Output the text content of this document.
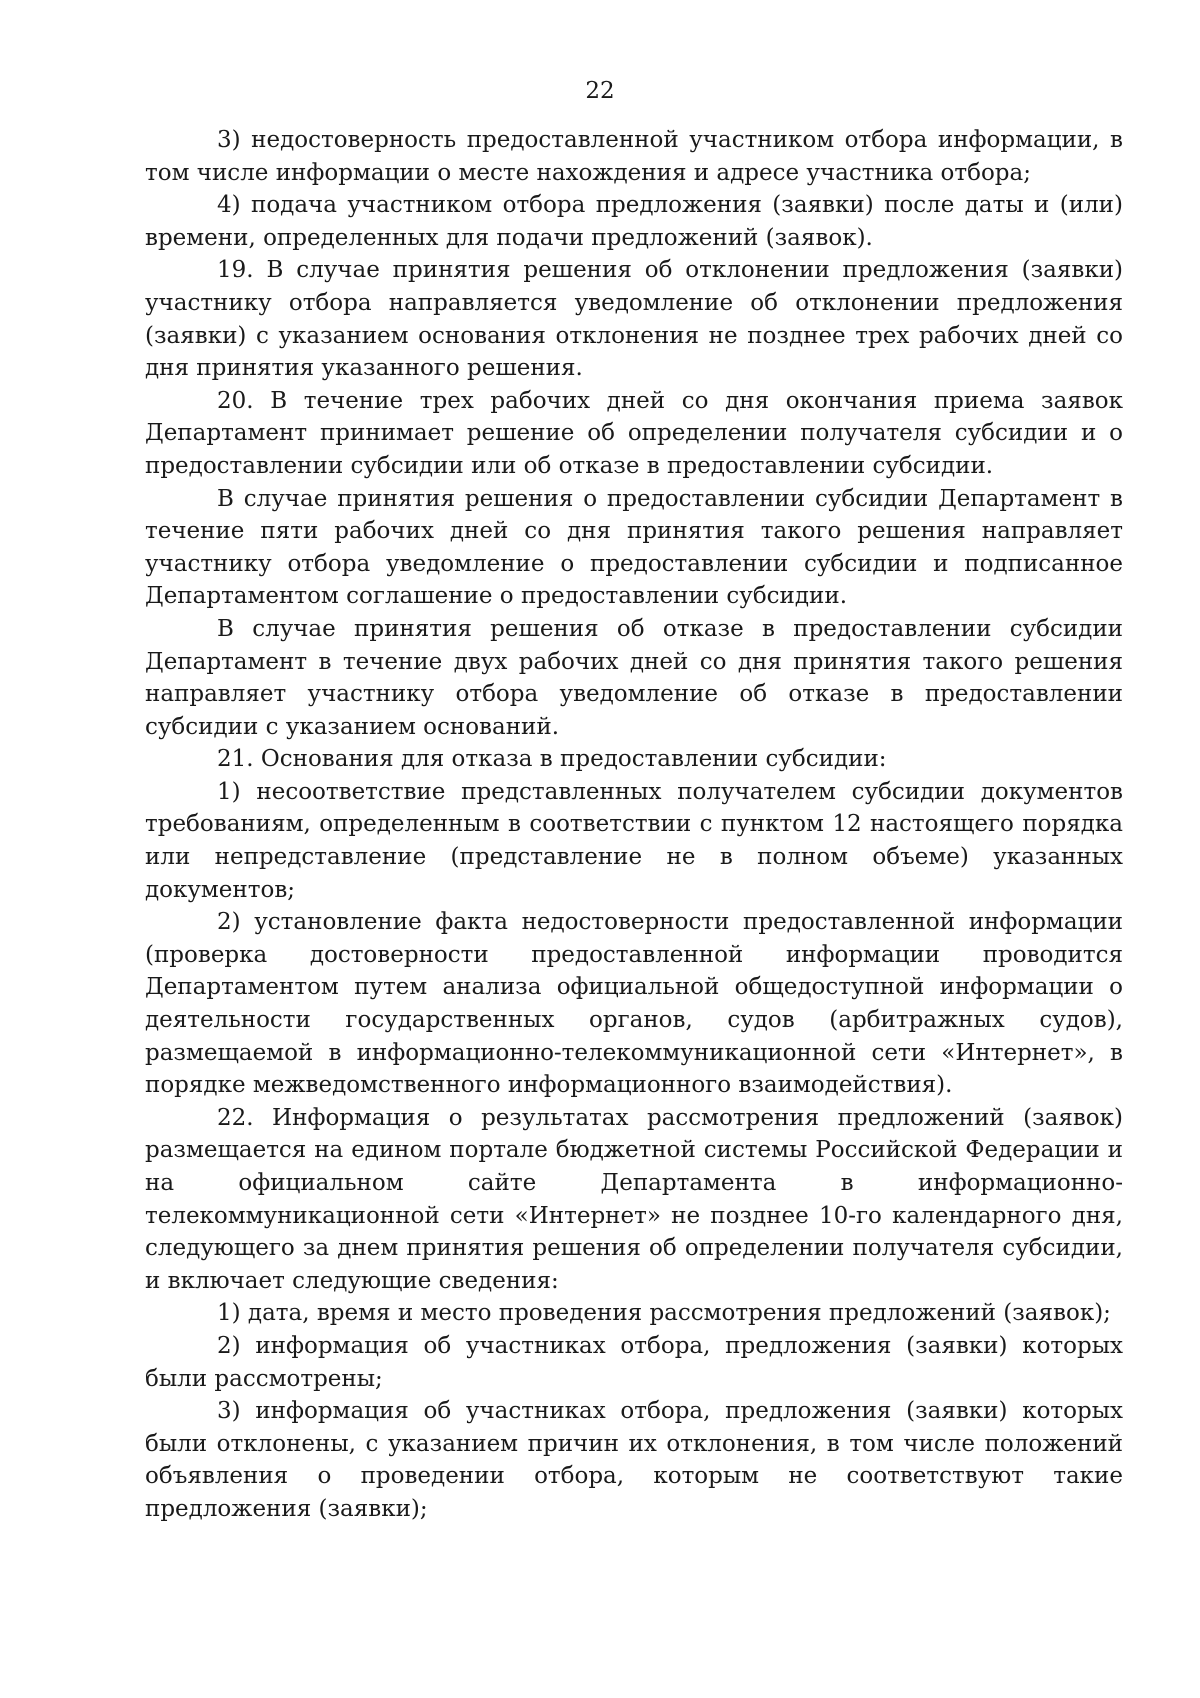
22

3) недостоверность предоставленной участником отбора информации, в том числе информации о месте нахождения и адресе участника отбора;

4) подача участником отбора предложения (заявки) после даты и (или) времени, определенных для подачи предложений (заявок).

19. В случае принятия решения об отклонении предложения (заявки) участнику отбора направляется уведомление об отклонении предложения (заявки) с указанием основания отклонения не позднее трех рабочих дней со дня принятия указанного решения.

20. В течение трех рабочих дней со дня окончания приема заявок Департамент принимает решение об определении получателя субсидии и о предоставлении субсидии или об отказе в предоставлении субсидии.

В случае принятия решения о предоставлении субсидии Департамент в течение пяти рабочих дней со дня принятия такого решения направляет участнику отбора уведомление о предоставлении субсидии и подписанное Департаментом соглашение о предоставлении субсидии.

В случае принятия решения об отказе в предоставлении субсидии Департамент в течение двух рабочих дней со дня принятия такого решения направляет участнику отбора уведомление об отказе в предоставлении субсидии с указанием оснований.

21. Основания для отказа в предоставлении субсидии:

1) несоответствие представленных получателем субсидии документов требованиям, определенным в соответствии с пунктом 12 настоящего порядка или непредставление (представление не в полном объеме) указанных документов;

2) установление факта недостоверности предоставленной информации (проверка достоверности предоставленной информации проводится Департаментом путем анализа официальной общедоступной информации о деятельности государственных органов, судов (арбитражных судов), размещаемой в информационно-телекоммуникационной сети «Интернет», в порядке межведомственного информационного взаимодействия).

22. Информация о результатах рассмотрения предложений (заявок) размещается на едином портале бюджетной системы Российской Федерации и на официальном сайте Департамента в информационно-телекоммуникационной сети «Интернет» не позднее 10-го календарного дня, следующего за днем принятия решения об определении получателя субсидии, и включает следующие сведения:

1) дата, время и место проведения рассмотрения предложений (заявок);

2) информация об участниках отбора, предложения (заявки) которых были рассмотрены;

3) информация об участниках отбора, предложения (заявки) которых были отклонены, с указанием причин их отклонения, в том числе положений объявления о проведении отбора, которым не соответствуют такие предложения (заявки);
